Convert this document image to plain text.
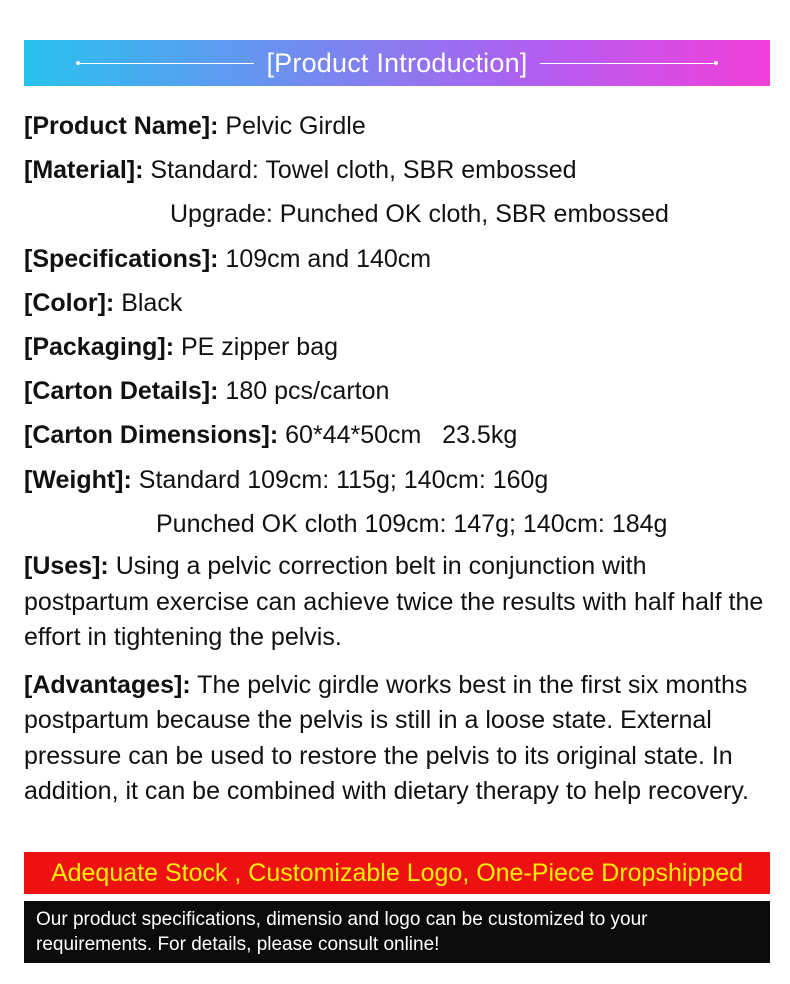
[Product Introduction]
[Product Name]: Pelvic Girdle
[Material]: Standard: Towel cloth, SBR embossed
Upgrade: Punched OK cloth, SBR embossed
[Specifications]: 109cm and 140cm
[Color]: Black
[Packaging]: PE zipper bag
[Carton Details]: 180 pcs/carton
[Carton Dimensions]: 60*44*50cm   23.5kg
[Weight]: Standard 109cm: 115g; 140cm: 160g
Punched OK cloth 109cm: 147g; 140cm: 184g
[Uses]: Using a pelvic correction belt in conjunction with postpartum exercise can achieve twice the results with half half the effort in tightening the pelvis.
[Advantages]: The pelvic girdle works best in the first six months postpartum because the pelvis is still in a loose state. External pressure can be used to restore the pelvis to its original state. In addition, it can be combined with dietary therapy to help recovery.
Adequate Stock , Customizable Logo, One-Piece Dropshipped
Our product specifications, dimensio and logo can be customized to your requirements. For details, please consult online!
